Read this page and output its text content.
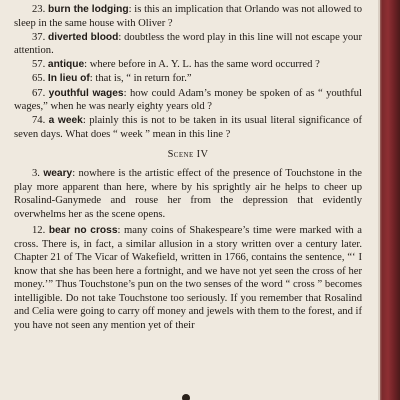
23. burn the lodging: is this an implication that Orlando was not allowed to sleep in the same house with Oliver ?

37. diverted blood: doubtless the word play in this line will not escape your attention.

57. antique: where before in A. Y. L. has the same word occurred ?

65. In lieu of: that is, “ in return for.”

67. youthful wages: how could Adam’s money be spoken of as “ youthful wages,” when he was nearly eighty years old ?

74. a week: plainly this is not to be taken in its usual literal significance of seven days. What does “ week ” mean in this line ?

Scene IV

3. weary: nowhere is the artistic effect of the presence of Touchstone in the play more apparent than here, where by his sprightly air he helps to cheer up Rosalind-Ganymede and rouse her from the depression that evidently overwhelms her as the scene opens.

12. bear no cross: many coins of Shakespeare’s time were marked with a cross. There is, in fact, a similar allusion in a story written over a century later. Chapter 21 of The Vicar of Wakefield, written in 1766, contains the sentence, “‘ I know that she has been here a fortnight, and we have not yet seen the cross of her money.’” Thus Touchstone’s pun on the two senses of the word “ cross ” becomes intelligible. Do not take Touchstone too seriously. If you remember that Rosalind and Celia were going to carry off money and jewels with them to the forest, and if you have not seen any mention yet of their
